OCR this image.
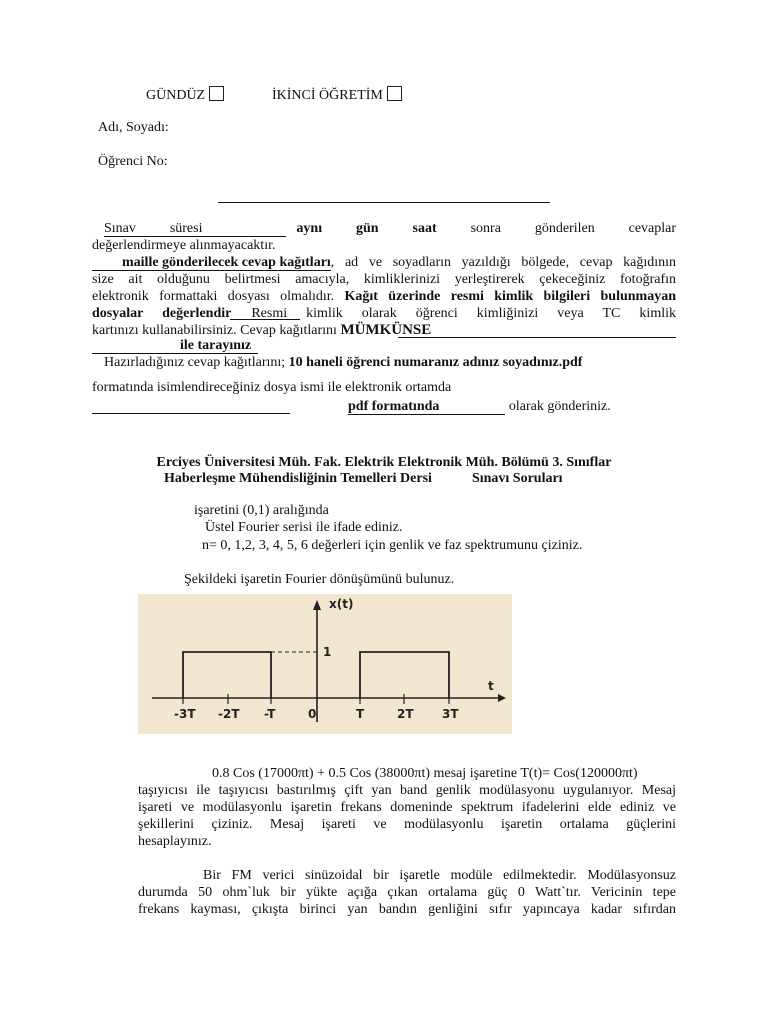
GÜNDÜZ	İKİNCİ ÖĞRETİM
Adı, Soyadı:
Öğrenci No:
Sınav süresi	aynı gün saat sonra gönderilen cevaplar
değerlendirmeye alınmayacaktır.
maille gönderilecek cevap kağıtları, ad ve soyadların yazıldığı bölgede, cevap kağıdının
size ait olduğunu belirtmesi amacıyla, kimliklerinizi yerleştirerek çekeceğiniz fotoğrafın
elektronik formattaki dosyası olmalıdır. Kağıt üzerinde resmi kimlik bilgileri bulunmayan
dosyalar değerlendir Resmi kimlik olarak öğrenci kimliğinizi veya TC kimlik
kartınızı kullanabilirsiniz. Cevap kağıtlarını MÜMKÜNSE
ile tarayınız
Hazırladığınız cevap kağıtlarını; 10 haneli öğrenci numaranız adınız soyadınız.pdf
formatında isimlendireceğiniz dosya ismi ile elektronik ortamda
pdf formatında	olarak gönderiniz.
Erciyes Üniversitesi Müh. Fak. Elektrik Elektronik Müh. Bölümü 3. Sınıflar
Haberleşme Mühendisliğinin Temelleri Dersi	Sınavı Soruları
işaretini (0,1) aralığında
Üstel Fourier serisi ile ifade ediniz.
n= 0, 1,2, 3, 4, 5, 6 değerleri için genlik ve faz spektrumunu çiziniz.
Şekildeki işaretin Fourier dönüşümünü bulunuz.
x(t)
t
1
-3T -2T -T	0	T	2T 3T
0.8 Cos (17000πt) + 0.5 Cos (38000πt) mesaj işaretine T(t)= Cos(120000πt)
taşıyıcısı ile taşıyıcısı bastırılmış çift yan band genlik modülasyonu uygulanıyor. Mesaj
işareti ve modülasyonlu işaretin frekans domeninde spektrum ifadelerini elde ediniz ve
şekillerini çiziniz. Mesaj işareti ve modülasyonlu işaretin ortalama güçlerini
hesaplayınız.
Bir FM verici sinüzoidal bir işaretle modüle edilmektedir. Modülasyonsuz
durumda 50 ohm`luk bir yükte açığa çıkan ortalama güç 0 Watt`tır. Vericinin tepe
frekans kayması, çıkışta birinci yan bandın genliğini sıfır yapıncaya kadar sıfırdan
